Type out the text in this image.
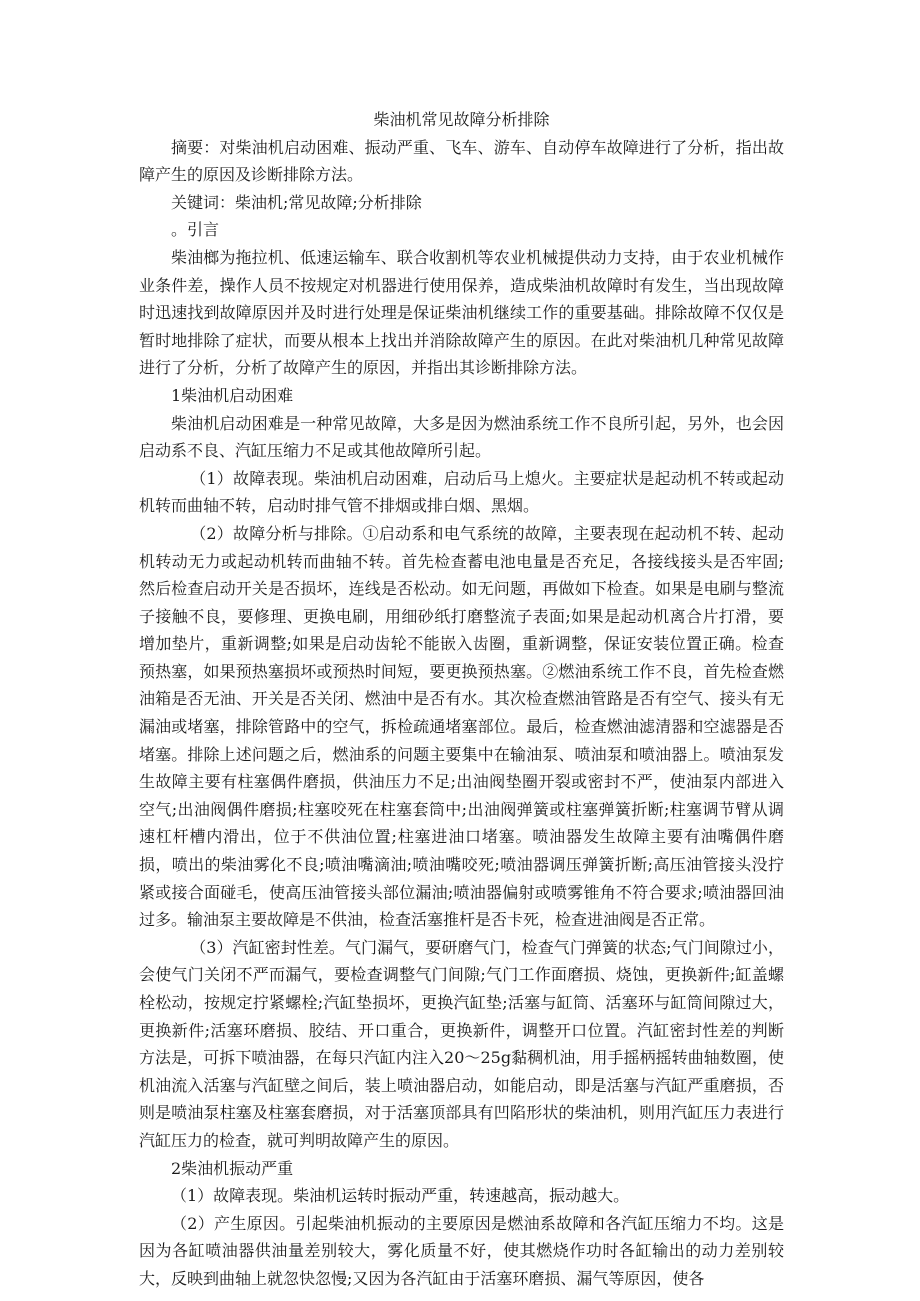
柴油机常见故障分析排除

摘要：对柴油机启动困难、振动严重、飞车、游车、自动停车故障进行了分析，指出故障产生的原因及诊断排除方法。

关键词：柴油机;常见故障;分析排除

。引言

柴油榔为拖拉机、低速运输车、联合收割机等农业机械提供动力支持，由于农业机械作业条件差，操作人员不按规定对机器进行使用保养，造成柴油机故障时有发生，当出现故障时迅速找到故障原因并及时进行处理是保证柴油机继续工作的重要基础。排除故障不仅仅是暂时地排除了症状，而要从根本上找出并消除故障产生的原因。在此对柴油机几种常见故障进行了分析，分析了故障产生的原因，并指出其诊断排除方法。

1柴油机启动困难

柴油机启动困难是一种常见故障，大多是因为燃油系统工作不良所引起，另外，也会因启动系不良、汽缸压缩力不足或其他故障所引起。

（1）故障表现。柴油机启动困难，启动后马上熄火。主要症状是起动机不转或起动机转而曲轴不转，启动时排气管不排烟或排白烟、黑烟。

（2）故障分析与排除。①启动系和电气系统的故障，主要表现在起动机不转、起动机转动无力或起动机转而曲轴不转。首先检查蓄电池电量是否充足，各接线接头是否牢固;然后检查启动开关是否损坏，连线是否松动。如无问题，再做如下检查。如果是电刷与整流子接触不良，要修理、更换电刷，用细砂纸打磨整流子表面;如果是起动机离合片打滑，要增加垫片，重新调整;如果是启动齿轮不能嵌入齿圈，重新调整，保证安装位置正确。检查预热塞，如果预热塞损坏或预热时间短，要更换预热塞。②燃油系统工作不良，首先检查燃油箱是否无油、开关是否关闭、燃油中是否有水。其次检查燃油管路是否有空气、接头有无漏油或堵塞，排除管路中的空气，拆检疏通堵塞部位。最后，检查燃油滤清器和空滤器是否堵塞。排除上述问题之后，燃油系的问题主要集中在输油泵、喷油泵和喷油器上。喷油泵发生故障主要有柱塞偶件磨损，供油压力不足;出油阀垫圈开裂或密封不严，使油泵内部进入空气;出油阀偶件磨损;柱塞咬死在柱塞套筒中;出油阀弹簧或柱塞弹簧折断;柱塞调节臂从调速杠杆槽内滑出，位于不供油位置;柱塞进油口堵塞。喷油器发生故障主要有油嘴偶件磨损，喷出的柴油雾化不良;喷油嘴滴油;喷油嘴咬死;喷油器调压弹簧折断;高压油管接头没拧紧或接合面碰毛，使高压油管接头部位漏油;喷油器偏射或喷雾锥角不符合要求;喷油器回油过多。输油泵主要故障是不供油，检查活塞推杆是否卡死，检查进油阀是否正常。

（3）汽缸密封性差。气门漏气，要研磨气门，检查气门弹簧的状态;气门间隙过小，会使气门关闭不严而漏气，要检查调整气门间隙;气门工作面磨损、烧蚀，更换新件;缸盖螺栓松动，按规定拧紧螺栓;汽缸垫损坏，更换汽缸垫;活塞与缸筒、活塞环与缸筒间隙过大，更换新件;活塞环磨损、胶结、开口重合，更换新件，调整开口位置。汽缸密封性差的判断方法是，可拆下喷油器，在每只汽缸内注入20～25g黏稠机油，用手摇柄摇转曲轴数圈，使机油流入活塞与汽缸壁之间后，装上喷油器启动，如能启动，即是活塞与汽缸严重磨损，否则是喷油泵柱塞及柱塞套磨损，对于活塞顶部具有凹陷形状的柴油机，则用汽缸压力表进行汽缸压力的检查，就可判明故障产生的原因。

2柴油机振动严重

（1）故障表现。柴油机运转时振动严重，转速越高，振动越大。

（2）产生原因。引起柴油机振动的主要原因是燃油系故障和各汽缸压缩力不均。这是因为各缸喷油器供油量差别较大，雾化质量不好，使其燃烧作功时各缸输出的动力差别较大，反映到曲轴上就忽快忽慢;又因为各汽缸由于活塞环磨损、漏气等原因，使各
